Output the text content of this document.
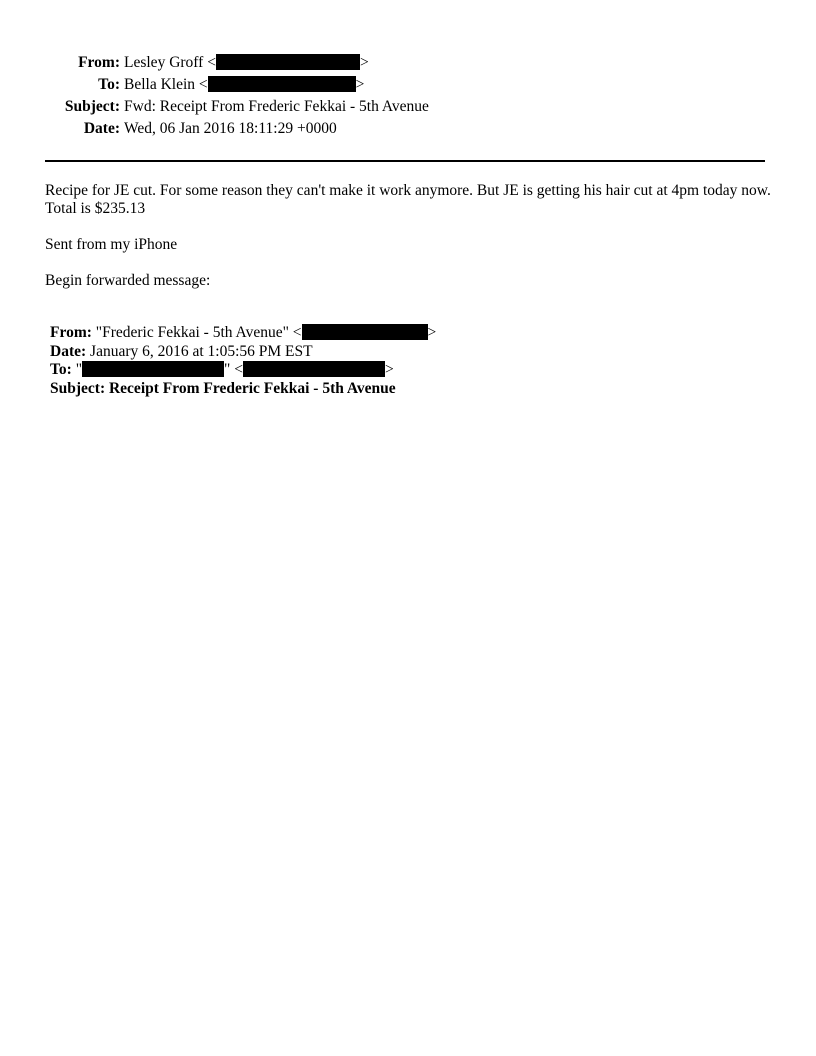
From: Lesley Groff <	>
To: Bella Klein <	>
Subject: Fwd: Receipt From Frederic Fekkai - 5th Avenue
Date: Wed, 06 Jan 2016 18:11:29 +0000

Recipe for JE cut. For some reason they can't make it work anymore. But JE is getting his hair cut at 4pm today now. Total is $235.13

Sent from my iPhone

Begin forwarded message:

From: "Frederic Fekkai - 5th Avenue" <	>
Date: January 6, 2016 at 1:05:56 PM EST
To: "	" <	>
Subject: Receipt From Frederic Fekkai - 5th Avenue
